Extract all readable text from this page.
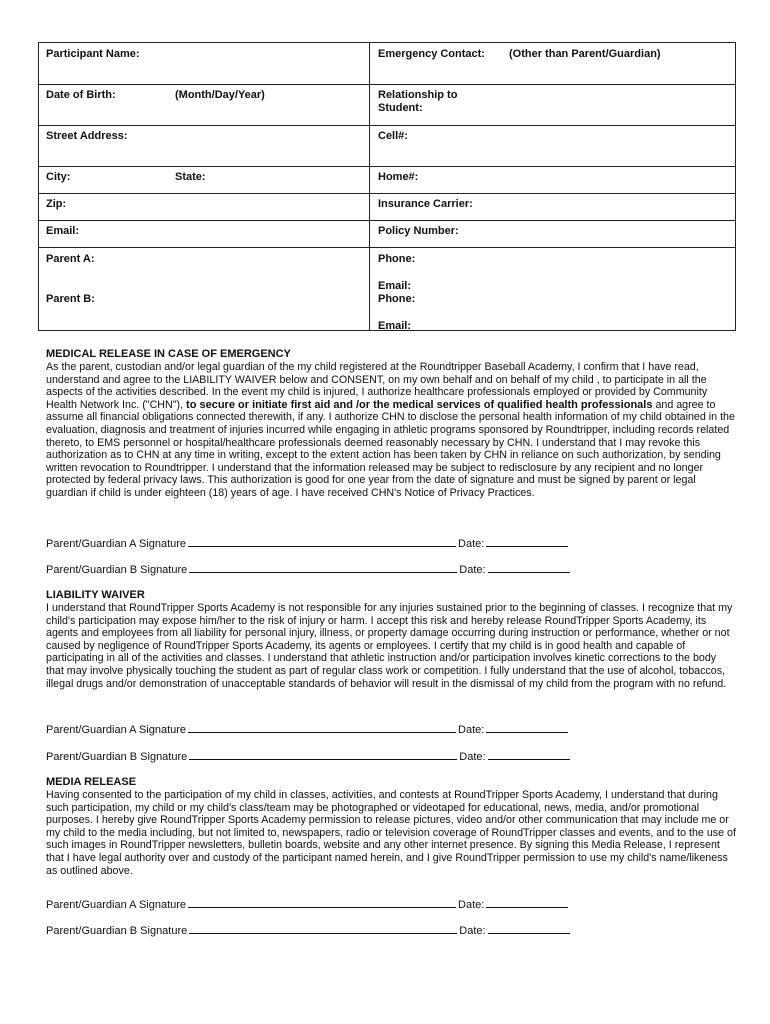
Participant Name:	Emergency Contact: (Other than Parent/Guardian)
Date of Birth:	(Month/Day/Year)	Relationship to
Student:
Street Address:	Cell#:
City:	State:	Home#:
Zip:	Insurance Carrier:
Email:	Policy Number:
Parent A:	Phone:
Email:
Parent B:	Phone:
Email:
MEDICAL RELEASE IN CASE OF EMERGENCY

As the parent, custodian and/or legal guardian of the my child registered at the Roundtripper Baseball Academy, I confirm that I have read, understand and agree to the LIABILITY WAIVER below and CONSENT, on my own behalf and on behalf of my child , to participate in all the aspects of the activities described. In the event my child is injured, I authorize healthcare professionals employed or provided by Community Health Network Inc. ("CHN"), to secure or initiate first aid and /or the medical services of qualified health professionals and agree to assume all financial obligations connected therewith, if any. I authorize CHN to disclose the personal health information of my child obtained in the evaluation, diagnosis and treatment of injuries incurred while engaging in athletic programs sponsored by Roundtripper, including records related thereto, to EMS personnel or hospital/healthcare professionals deemed reasonably necessary by CHN. I understand that I may revoke this authorization as to CHN at any time in writing, except to the extent action has been taken by CHN in reliance on such authorization, by sending written revocation to Roundtripper. I understand that the information released may be subject to redisclosure by any recipient and no longer protected by federal privacy laws. This authorization is good for one year from the date of signature and must be signed by parent or legal guardian if child is under eighteen (18) years of age. I have received CHN's Notice of Privacy Practices.

Parent/Guardian A Signature	Date:
Parent/Guardian B Signature	Date:
LIABILITY WAIVER

I understand that RoundTripper Sports Academy is not responsible for any injuries sustained prior to the beginning of classes. I recognize that my child's participation may expose him/her to the risk of injury or harm. I accept this risk and hereby release RoundTripper Sports Academy, its agents and employees from all liability for personal injury, illness, or property damage occurring during instruction or performance, whether or not caused by negligence of RoundTripper Sports Academy, its agents or employees. I certify that my child is in good health and capable of participating in all of the activities and classes. I understand that athletic instruction and/or participation involves kinetic corrections to the body that may involve physically touching the student as part of regular class work or competition. I fully understand that the use of alcohol, tobaccos, illegal drugs and/or demonstration of unacceptable standards of behavior will result in the dismissal of my child from the program with no refund.

Parent/Guardian A Signature	Date:
Parent/Guardian B Signature	Date:
MEDIA RELEASE

Having consented to the participation of my child in classes, activities, and contests at RoundTripper Sports Academy, I understand that during such participation, my child or my child's class/team may be photographed or videotaped for educational, news, media, and/or promotional purposes. I hereby give RoundTripper Sports Academy permission to release pictures, video and/or other communication that may include me or my child to the media including, but not limited to, newspapers, radio or television coverage of RoundTripper classes and events, and to the use of such images in RoundTripper newsletters, bulletin boards, website and any other internet presence. By signing this Media Release, I represent that I have legal authority over and custody of the participant named herein, and I give RoundTripper permission to use my child's name/likeness as outlined above.

Parent/Guardian A Signature	Date:
Parent/Guardian B Signature	Date:
